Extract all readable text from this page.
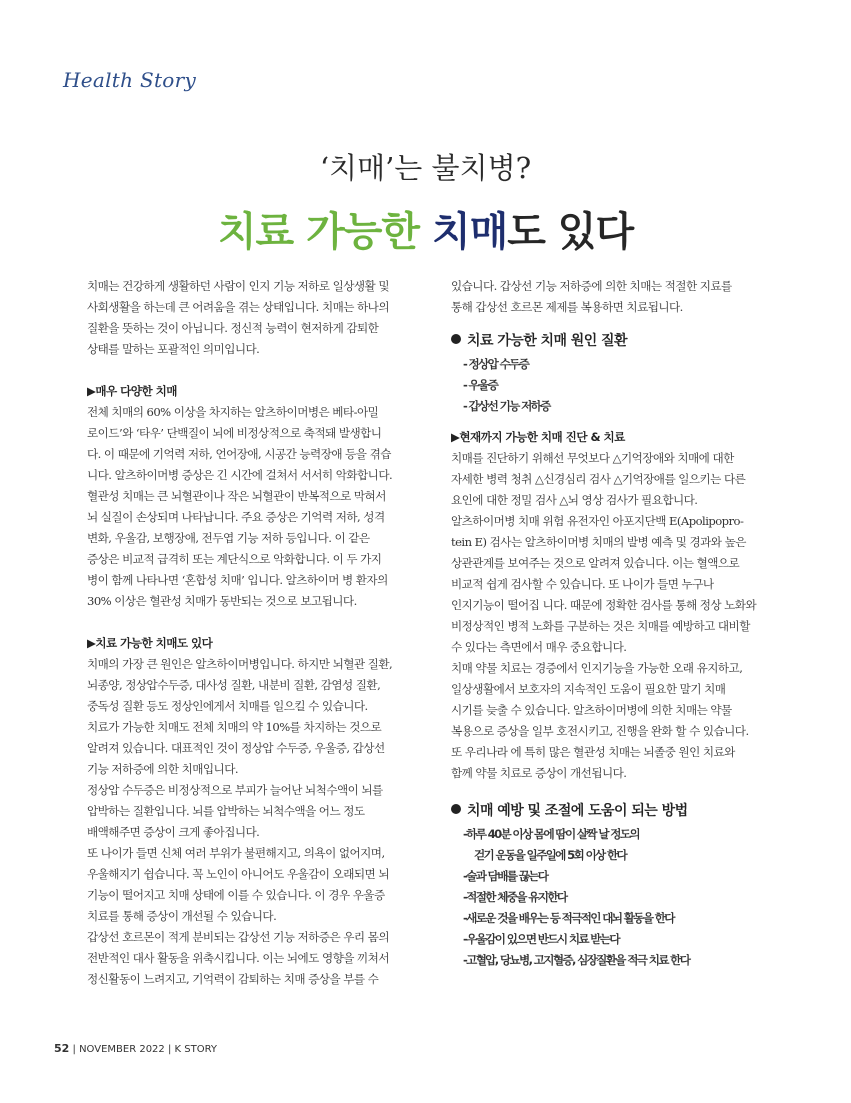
Health Story
‘치매’는 불치병?
치료 가능한 치매도 있다

치매는 건강하게 생활하던 사람이 인지 기능 저하로 일상생활 및

사회생활을 하는데 큰 어려움을 겪는 상태입니다. 치매는 하나의

질환을 뜻하는 것이 아닙니다. 정신적 능력이 현저하게 감퇴한

상태를 말하는 포괄적인 의미입니다.

▶매우 다양한 치매

전체 치매의 60% 이상을 차지하는 알츠하이머병은 베타-아밀

로이드’와 ‘타우’ 단백질이 뇌에 비정상적으로 축적돼 발생합니

다. 이 때문에 기억력 저하, 언어장애, 시공간 능력장애 등을 겪습

니다. 알츠하이머병 증상은 긴 시간에 걸쳐서 서서히 악화합니다.

혈관성 치매는 큰 뇌혈관이나 작은 뇌혈관이 반복적으로 막혀서

뇌 실질이 손상되며 나타납니다. 주요 증상은 기억력 저하, 성격

변화, 우울감, 보행장애, 전두엽 기능 저하 등입니다. 이 같은

증상은 비교적 급격히 또는 계단식으로 악화합니다. 이 두 가지

병이 함께 나타나면 ‘혼합성 치매’ 입니다. 알츠하이머 병 환자의

30% 이상은 혈관성 치매가 동반되는 것으로 보고됩니다.

▶치료 가능한 치매도 있다

치매의 가장 큰 원인은 알츠하이머병입니다. 하지만 뇌혈관 질환,

뇌종양, 정상압수두증, 대사성 질환, 내분비 질환, 감염성 질환,

중독성 질환 등도 정상인에게서 치매를 일으킬 수 있습니다.

치료가 가능한 치매도 전체 치매의 약 10%를 차지하는 것으로

알려져 있습니다. 대표적인 것이 정상압 수두증, 우울증, 갑상선

기능 저하증에 의한 치매입니다.

정상압 수두증은 비정상적으로 부피가 늘어난 뇌척수액이 뇌를

압박하는 질환입니다. 뇌를 압박하는 뇌척수액을 어느 정도

배액해주면 증상이 크게 좋아집니다.

또 나이가 들면 신체 여러 부위가 불편해지고, 의욕이 없어지며,

우울해지기 쉽습니다. 꼭 노인이 아니어도 우울감이 오래되면 뇌

기능이 떨어지고 치매 상태에 이를 수 있습니다. 이 경우 우울증

치료를 통해 증상이 개선될 수 있습니다.

갑상선 호르몬이 적게 분비되는 갑상선 기능 저하증은 우리 몸의

전반적인 대사 활동을 위축시킵니다. 이는 뇌에도 영향을 끼쳐서

정신활동이 느려지고, 기억력이 감퇴하는 치매 증상을 부를 수

있습니다. 갑상선 기능 저하증에 의한 치매는 적절한 지료를

통해 갑상선 호르몬 제제를 복용하면 치료됩니다.

치료 가능한 치매 원인 질환

- 정상압 수두증

- 우울증

- 갑상선 기능 저하증

▶현재까지 가능한 치매 진단 & 치료

치매를 진단하기 위해선 무엇보다 △기억장애와 치매에 대한

자세한 병력 청취 △신경심리 검사 △기억장애를 일으키는 다른

요인에 대한 정밀 검사 △뇌 영상 검사가 필요합니다.

알츠하이머병 치매 위험 유전자인 아포지단백 E(Apolipopro-

tein E) 검사는 알츠하이머병 치매의 발병 예측 및 경과와 높은

상관관계를 보여주는 것으로 알려져 있습니다. 이는 혈액으로

비교적 쉽게 검사할 수 있습니다. 또 나이가 들면 누구나

인지기능이 떨어집 니다. 때문에 정확한 검사를 통해 정상 노화와

비정상적인 병적 노화를 구분하는 것은 치매를 예방하고 대비할

수 있다는 측면에서 매우 중요합니다.

치매 약물 치료는 경증에서 인지기능을 가능한 오래 유지하고,

일상생활에서 보호자의 지속적인 도움이 필요한 말기 치매

시기를 늦출 수 있습니다. 알츠하이머병에 의한 치매는 약물

복용으로 증상을 일부 호전시키고, 진행을 완화 할 수 있습니다.

또 우리나라 에 특히 많은 혈관성 치매는 뇌졸중 원인 치료와

함께 약물 치료로 증상이 개선됩니다.

치매 예방 및 조절에 도움이 되는 방법

-하루 40분 이상 몸에 땀이 살짝 날 정도의

걷기 운동을 일주일에 5회 이상 한다

-술과 담배를 끊는다

-적절한 체중을 유지한다

-새로운 것을 배우는 등 적극적인 대뇌 활동을 한다

-우울감이 있으면 반드시 치료 받는다

-고혈압, 당뇨병, 고지혈증, 심장질환을 적극 치료 한다

52 | NOVEMBER 2022 | K STORY
